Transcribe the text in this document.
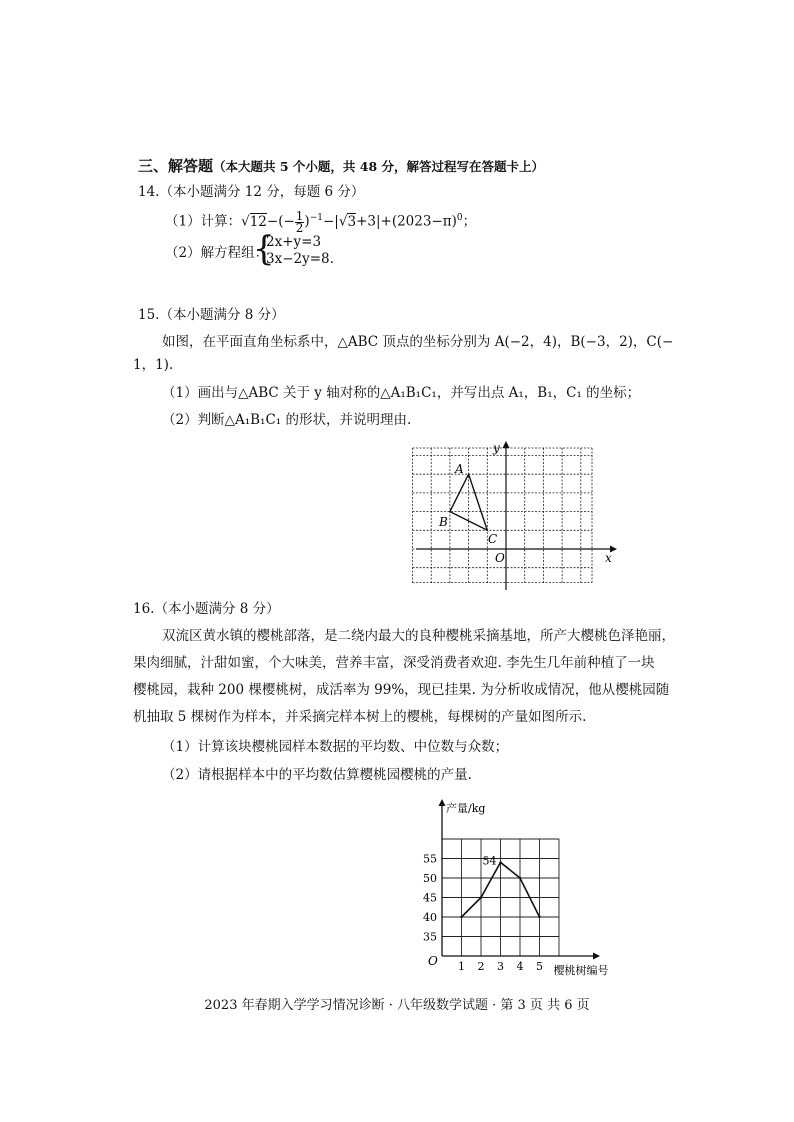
三、解答题（本大题共 5 个小题，共 48 分，解答过程写在答题卡上）
14.（本小题满分 12 分，每题 6 分）
（1）计算：$√12-(- \frac{1}{2} )^{-1}-|√3+3|+(2023-\pi)^0$；
（2）解方程组：
{
2x+y=3
3x−2y=8.
15.（本小题满分 8 分）
如图，在平面直角坐标系中，△ABC 顶点的坐标分别为 A(−2，4)，B(−3，2)，C(−
1，1).
（1）画出与△ABC 关于 y 轴对称的△A₁B₁C₁，并写出点 A₁，B₁，C₁ 的坐标；
（2）判断△A₁B₁C₁ 的形状，并说明理由.
A
B
C
O	x
y
16.（本小题满分 8 分）
双流区黄水镇的樱桃部落，是二绕内最大的良种樱桃采摘基地，所产大樱桃色泽艳丽，
果肉细腻，汁甜如蜜，个大味美，营养丰富，深受消费者欢迎. 李先生几年前种植了一块
樱桃园，栽种 200 棵樱桃树，成活率为 99%，现已挂果. 为分析收成情况，他从樱桃园随
机抽取 5 棵树作为样本，并采摘完样本树上的樱桃，每棵树的产量如图所示.
（1）计算该块樱桃园样本数据的平均数、中位数与众数；
（2）请根据样本中的平均数估算樱桃园樱桃的产量.
35
40
45
50
55
1 2 3 4 5
O
产量/kg
樱桃树编号
54
2023 年春期入学学习情况诊断 · 八年级数学试题 · 第 3 页 共 6 页
